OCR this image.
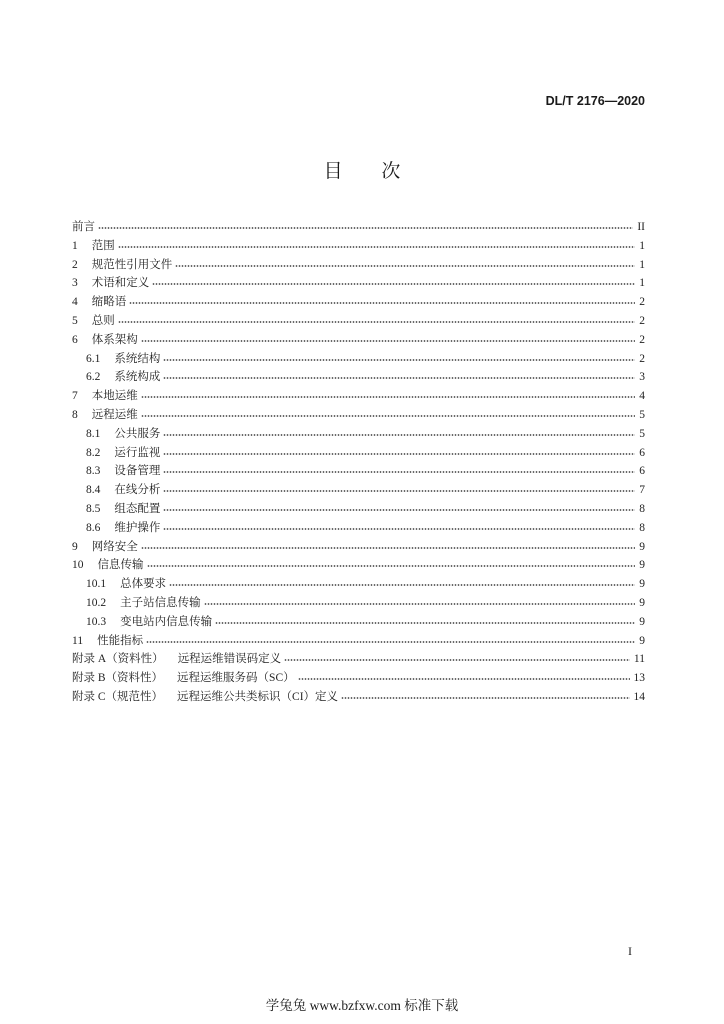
DL/T 2176—2020
目 次
前言	II
1 范围	1
2 规范性引用文件	1
3 术语和定义	1
4 缩略语	2
5 总则	2
6 体系架构	2
6.1 系统结构	2
6.2 系统构成	3
7 本地运维	4
8 远程运维	5
8.1 公共服务	5
8.2 运行监视	6
8.3 设备管理	6
8.4 在线分析	7
8.5 组态配置	8
8.6 维护操作	8
9 网络安全	9
10 信息传输	9
10.1 总体要求	9
10.2 主子站信息传输	9
10.3 变电站内信息传输	9
11 性能指标	9
附录 A（资料性） 远程运维错误码定义	11
附录 B（资料性） 远程运维服务码（SC）	13
附录 C（规范性） 远程运维公共类标识（CI）定义	14
I
学兔兔 www.bzfxw.com 标准下载
